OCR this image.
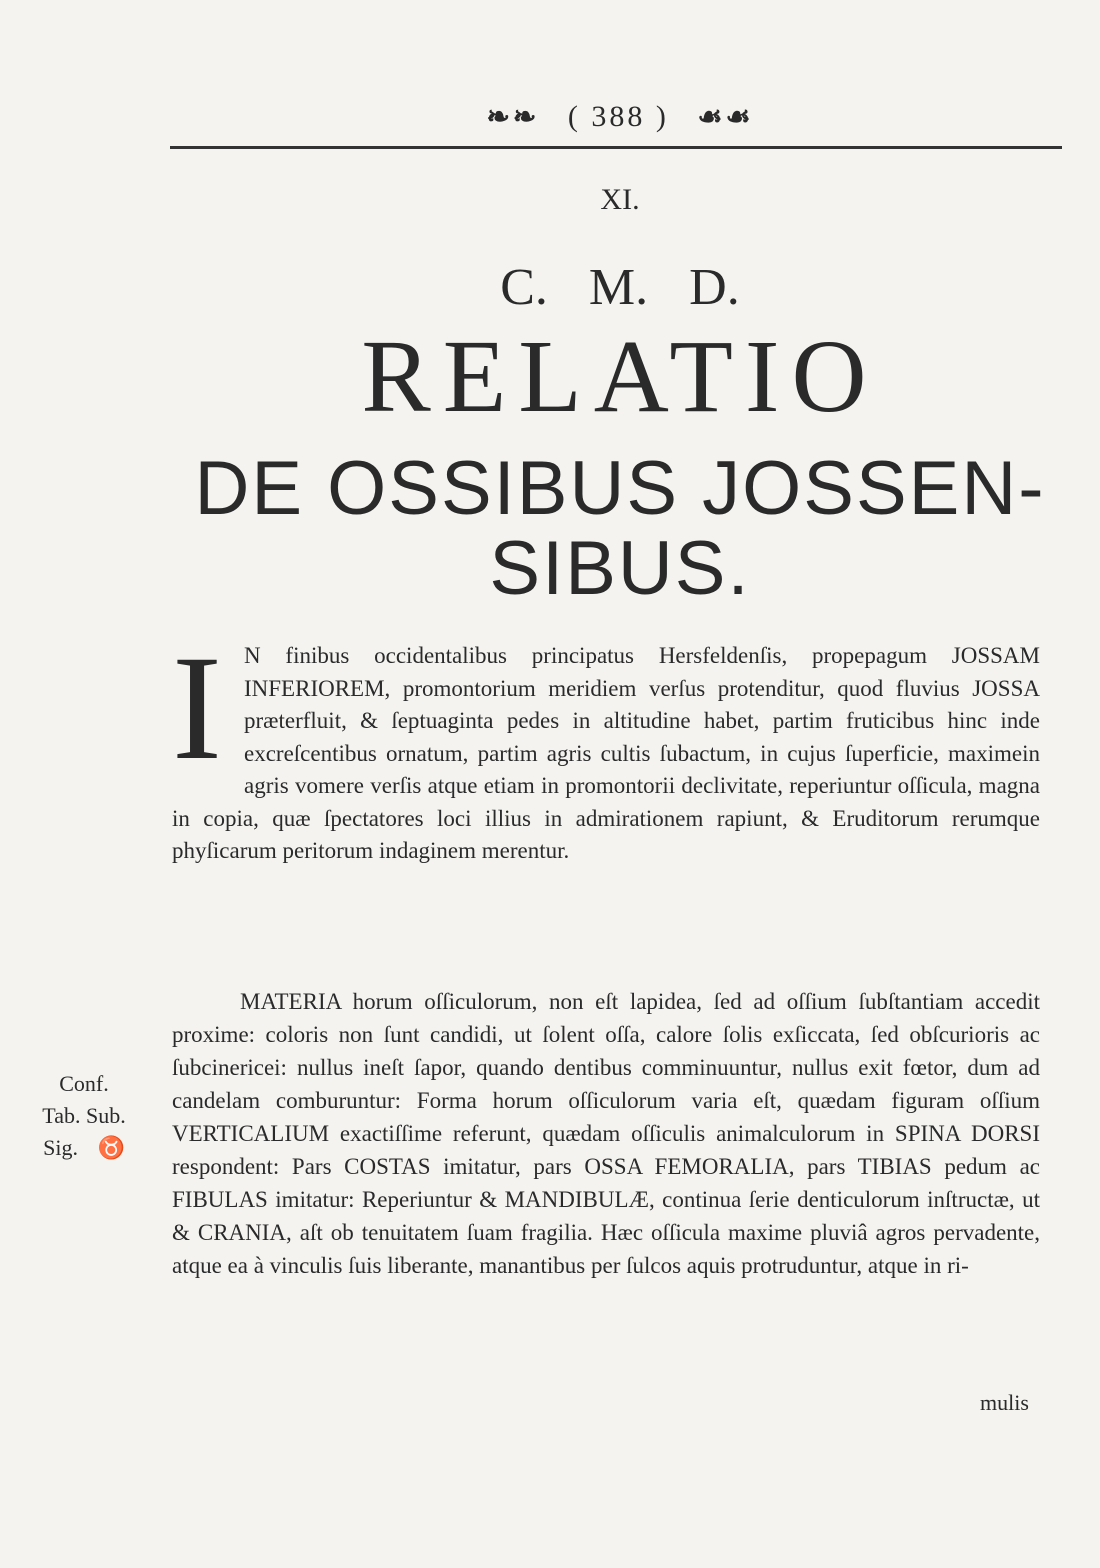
❧❧ ( 388 ) ☙☙
XI.
C. M. D.
RELATIO
DE OSSIBUS JOSSEN-
SIBUS.
I N finibus occidentalibus principatus Hersfeldenſis, propepagum JOSSAM INFERIOREM, promontorium meridiem verſus protenditur, quod fluvius JOSSA præterfluit, & ſeptuaginta pedes in altitudine habet, partim fruticibus hinc inde excreſcentibus ornatum, partim agris cultis ſubactum, in cujus ſuperficie, maximein agris vomere verſis atque etiam in promontorii declivitate, reperiuntur oſſicula, magna in copia, quæ ſpectatores loci illius in admirationem rapiunt, & Eruditorum rerumque phyſicarum peritorum indaginem merentur.
MATERIA horum oſſiculorum, non eſt lapidea, ſed ad oſſium ſubſtantiam accedit proxime: coloris non ſunt candidi, ut ſolent oſſa, calore ſolis exſiccata, ſed obſcurioris ac ſubcinericei: nullus ineſt ſapor, quando dentibus comminuuntur, nullus exit fœtor, dum ad candelam comburuntur: Forma horum oſſiculorum varia eſt, quædam figuram oſſium VERTICALIUM exactiſſime referunt, quædam oſſiculis animalculorum in SPINA DORSI respondent: Pars COSTAS imitatur, pars OSSA FEMORALIA, pars TIBIAS pedum ac FIBULAS imitatur: Reperiuntur & MANDIBULÆ, continua ſerie denticulorum inſtructæ, ut & CRANIA, aſt ob tenuitatem ſuam fragilia. Hæc oſſicula maxime pluviâ agros pervadente, atque ea à vinculis ſuis liberante, manantibus per ſulcos aquis protruduntur, atque in ri-
mulis
Conf.
Tab. Sub.
Sig. ♉
